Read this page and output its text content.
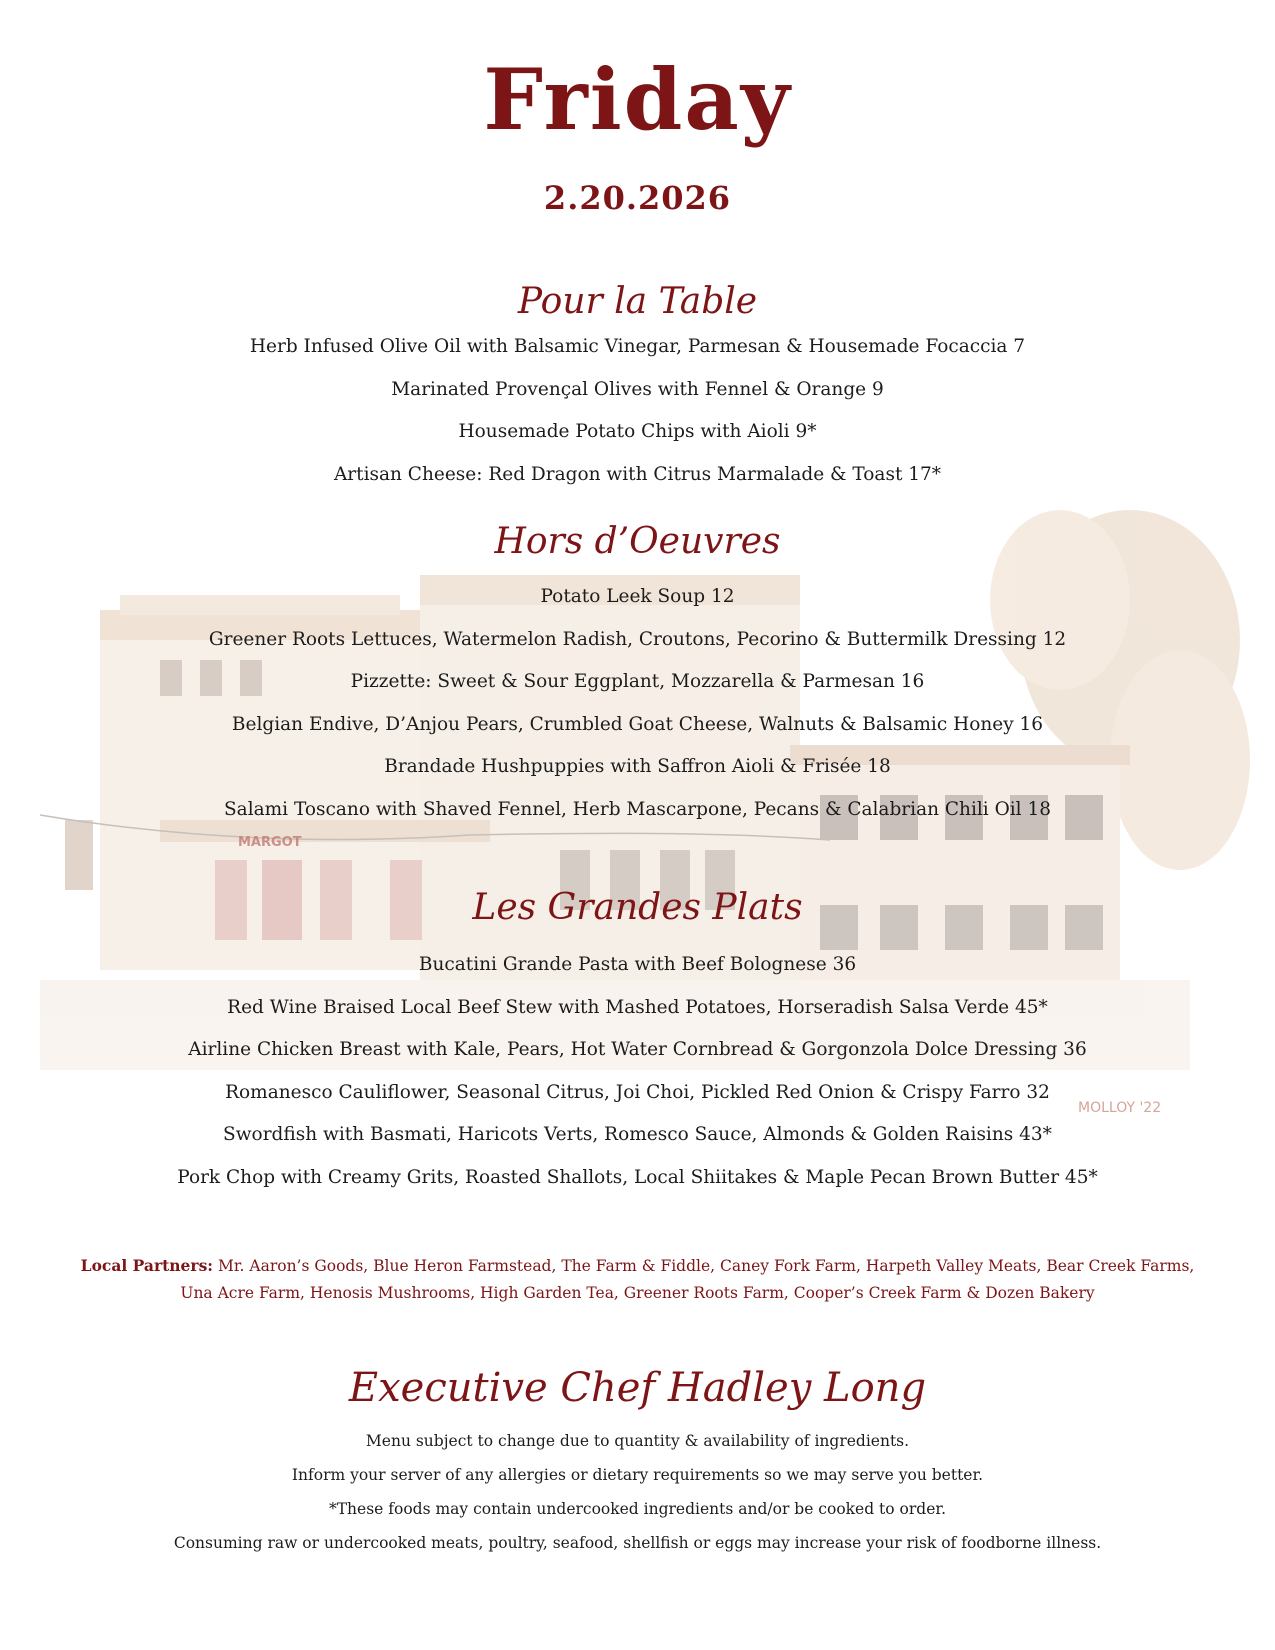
MARGOT
MOLLOY '22
Friday
2.20.2026
Pour la Table
Herb Infused Olive Oil with Balsamic Vinegar, Parmesan & Housemade Focaccia 7
Marinated Provençal Olives with Fennel & Orange 9
Housemade Potato Chips with Aioli 9*
Artisan Cheese: Red Dragon with Citrus Marmalade & Toast 17*
Hors d’Oeuvres
Potato Leek Soup 12
Greener Roots Lettuces, Watermelon Radish, Croutons, Pecorino & Buttermilk Dressing 12
Pizzette: Sweet & Sour Eggplant, Mozzarella & Parmesan 16
Belgian Endive, D’Anjou Pears, Crumbled Goat Cheese, Walnuts & Balsamic Honey 16
Brandade Hushpuppies with Saffron Aioli & Frisée 18
Salami Toscano with Shaved Fennel, Herb Mascarpone, Pecans & Calabrian Chili Oil 18
Les Grandes Plats
Bucatini Grande Pasta with Beef Bolognese 36
Red Wine Braised Local Beef Stew with Mashed Potatoes, Horseradish Salsa Verde 45*
Airline Chicken Breast with Kale, Pears, Hot Water Cornbread & Gorgonzola Dolce Dressing 36
Romanesco Cauliflower, Seasonal Citrus, Joi Choi, Pickled Red Onion & Crispy Farro 32
Swordfish with Basmati, Haricots Verts, Romesco Sauce, Almonds & Golden Raisins 43*
Pork Chop with Creamy Grits, Roasted Shallots, Local Shiitakes & Maple Pecan Brown Butter 45*
Local Partners: Mr. Aaron’s Goods, Blue Heron Farmstead, The Farm & Fiddle, Caney Fork Farm, Harpeth Valley Meats, Bear Creek Farms,
Una Acre Farm, Henosis Mushrooms, High Garden Tea, Greener Roots Farm, Cooper’s Creek Farm & Dozen Bakery
Executive Chef Hadley Long
Menu subject to change due to quantity & availability of ingredients.
Inform your server of any allergies or dietary requirements so we may serve you better.
*These foods may contain undercooked ingredients and/or be cooked to order.
Consuming raw or undercooked meats, poultry, seafood, shellfish or eggs may increase your risk of foodborne illness.
